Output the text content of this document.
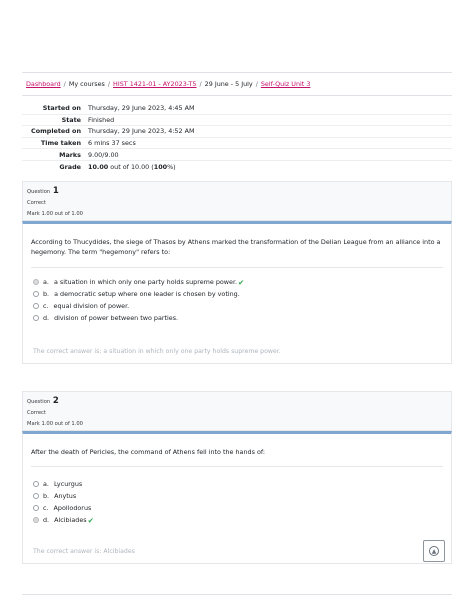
Dashboard / My courses / HIST 1421-01 - AY2023-T5 / 29 June - 5 July / Self-Quiz Unit 3
Started on	Thursday, 29 June 2023, 4:45 AM
State	Finished
Completed on	Thursday, 29 June 2023, 4:52 AM
Time taken	6 mins 37 secs
Marks	9.00/9.00
Grade	10.00 out of 10.00 (100%)
Question 1
Correct
Mark 1.00 out of 1.00
According to Thucydides, the siege of Thasos by Athens marked the transformation of the Delian League from an alliance into a hegemony. The term "hegemony" refers to:
a. a situation in which only one party holds supreme power. ✔
b. a democratic setup where one leader is chosen by voting.
c. equal division of power.
d. division of power between two parties.
The correct answer is: a situation in which only one party holds supreme power.
Question 2
Correct
Mark 1.00 out of 1.00
After the death of Pericles, the command of Athens fell into the hands of:
a. Lycurgus
b. Anytus
c. Apollodorus
d. Alcibiades ✔
The correct answer is: Alcibiades	▲
